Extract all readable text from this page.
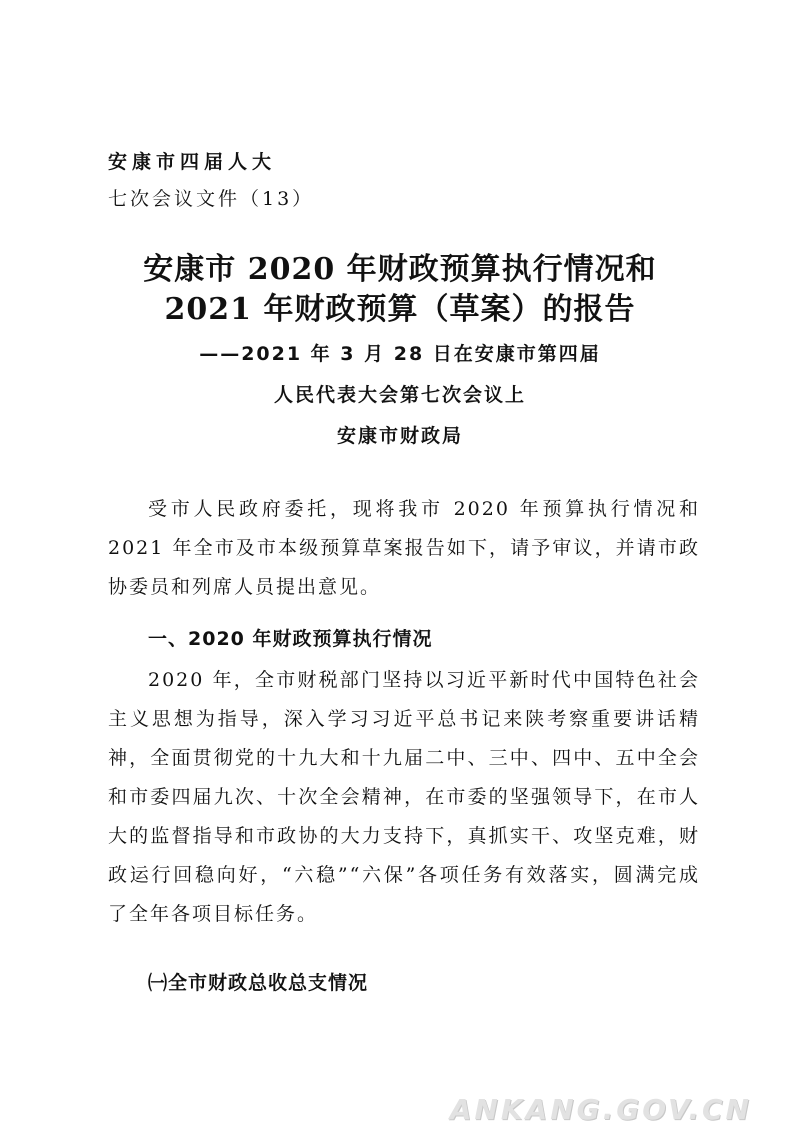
安康市四届人大
七次会议文件（13）
安康市 2020 年财政预算执行情况和
2021 年财政预算（草案）的报告
——2021 年 3 月 28 日在安康市第四届
人民代表大会第七次会议上
安康市财政局

受市人民政府委托，现将我市 2020 年预算执行情况和 2021 年全市及市本级预算草案报告如下，请予审议，并请市政协委员和列席人员提出意见。

一、2020 年财政预算执行情况

2020 年，全市财税部门坚持以习近平新时代中国特色社会主义思想为指导，深入学习习近平总书记来陕考察重要讲话精神，全面贯彻党的十九大和十九届二中、三中、四中、五中全会和市委四届九次、十次全会精神，在市委的坚强领导下，在市人大的监督指导和市政协的大力支持下，真抓实干、攻坚克难，财政运行回稳向好，“六稳”“六保”各项任务有效落实，圆满完成了全年各项目标任务。

㈠全市财政总收总支情况
ANKANG.GOV.CN
